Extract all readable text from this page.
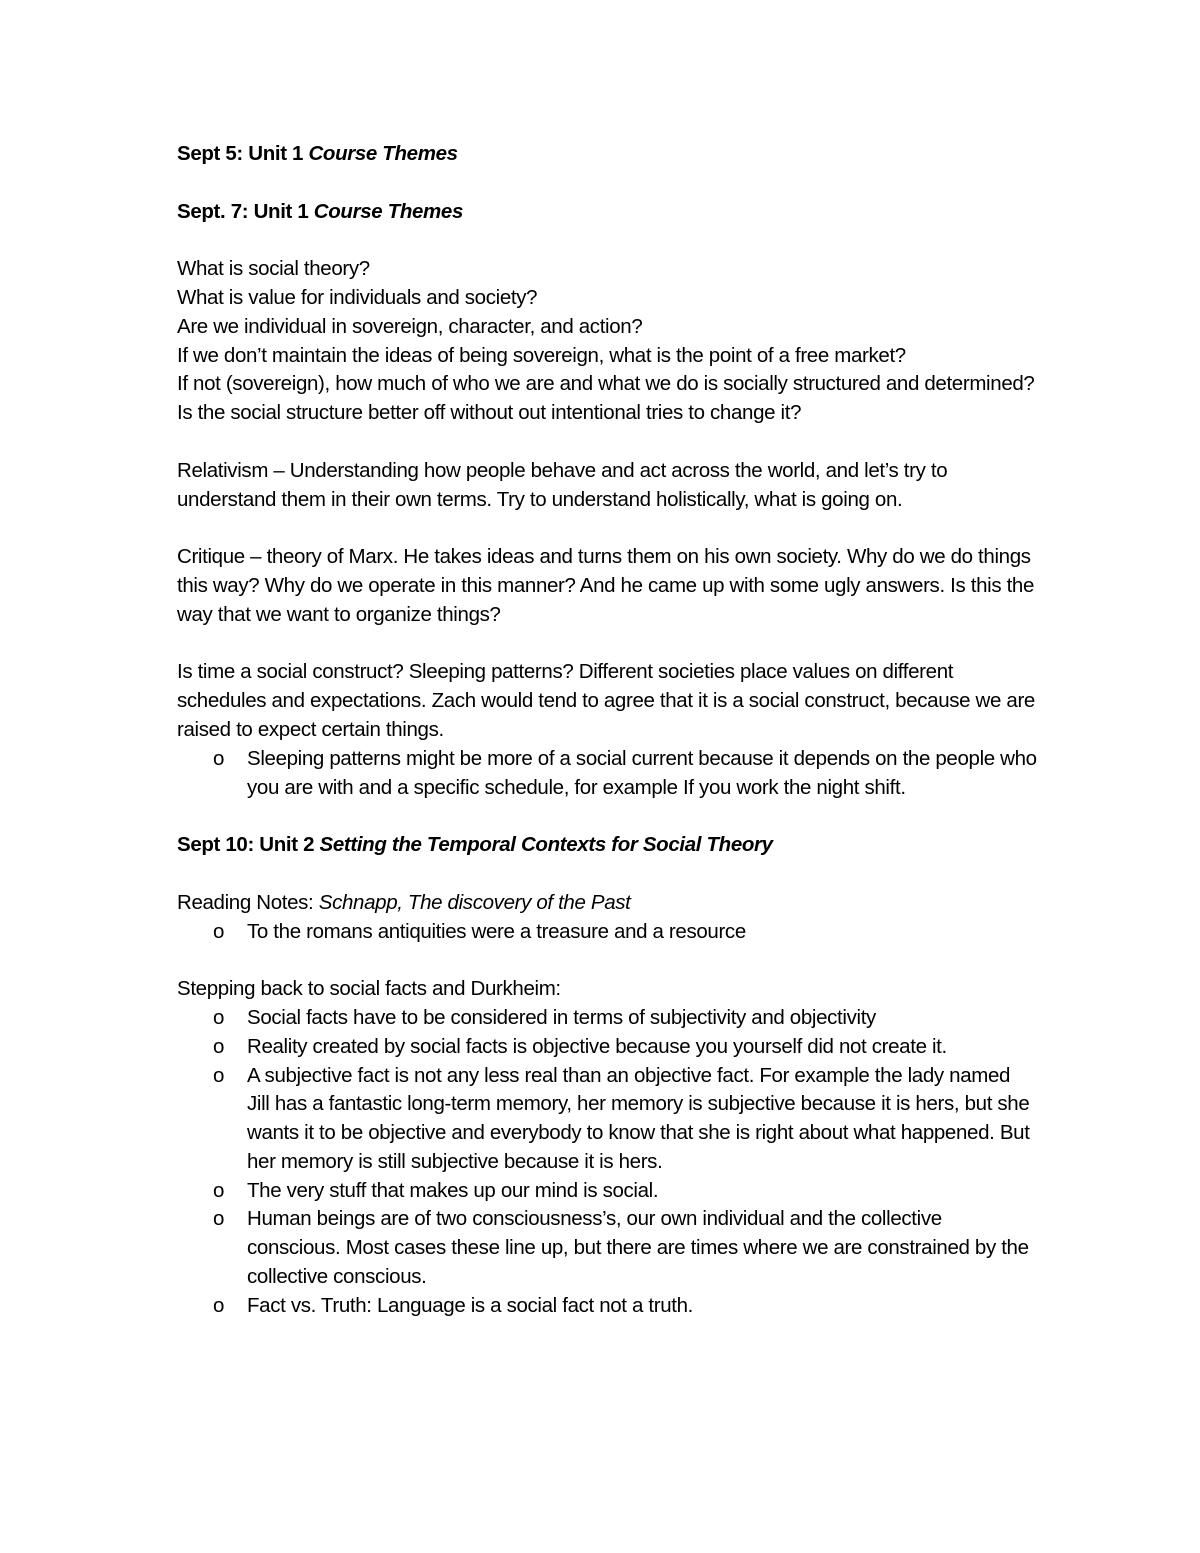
Sept 5: Unit 1 Course Themes

Sept. 7: Unit 1 Course Themes

What is social theory?

What is value for individuals and society?

Are we individual in sovereign, character, and action?

If we don’t maintain the ideas of being sovereign, what is the point of a free market?

If not (sovereign), how much of who we are and what we do is socially structured and determined?

Is the social structure better off without out intentional tries to change it?

Relativism – Understanding how people behave and act across the world, and let’s try to understand them in their own terms. Try to understand holistically, what is going on.

Critique – theory of Marx. He takes ideas and turns them on his own society. Why do we do things this way? Why do we operate in this manner? And he came up with some ugly answers. Is this the way that we want to organize things?

Is time a social construct? Sleeping patterns? Different societies place values on different schedules and expectations. Zach would tend to agree that it is a social construct, because we are raised to expect certain things.

o Sleeping patterns might be more of a social current because it depends on the people who you are with and a specific schedule, for example If you work the night shift.

Sept 10: Unit 2 Setting the Temporal Contexts for Social Theory

Reading Notes: Schnapp, The discovery of the Past

o To the romans antiquities were a treasure and a resource

Stepping back to social facts and Durkheim:

o Social facts have to be considered in terms of subjectivity and objectivity
o Reality created by social facts is objective because you yourself did not create it.
o A subjective fact is not any less real than an objective fact. For example the lady named Jill has a fantastic long-term memory, her memory is subjective because it is hers, but she wants it to be objective and everybody to know that she is right about what happened. But her memory is still subjective because it is hers.
o The very stuff that makes up our mind is social.
o Human beings are of two consciousness’s, our own individual and the collective conscious. Most cases these line up, but there are times where we are constrained by the collective conscious.
o Fact vs. Truth: Language is a social fact not a truth.
